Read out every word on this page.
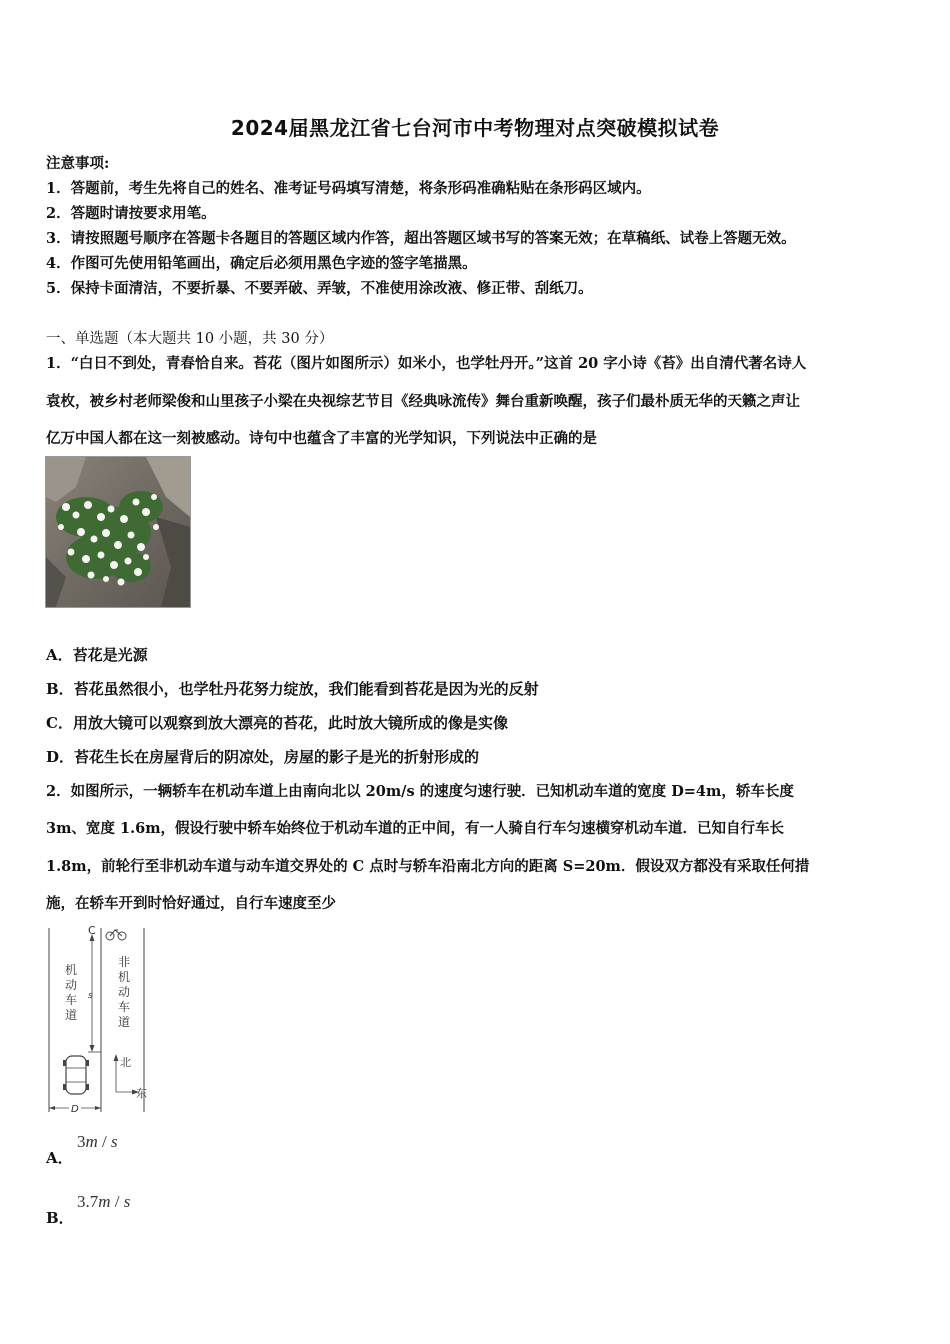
2024届黑龙江省七台河市中考物理对点突破模拟试卷
注意事项:
1．答题前，考生先将自己的姓名、准考证号码填写清楚，将条形码准确粘贴在条形码区域内。
2．答题时请按要求用笔。
3．请按照题号顺序在答题卡各题目的答题区域内作答，超出答题区域书写的答案无效；在草稿纸、试卷上答题无效。
4．作图可先使用铅笔画出，确定后必须用黑色字迹的签字笔描黑。
5．保持卡面清洁，不要折暴、不要弄破、弄皱，不准使用涂改液、修正带、刮纸刀。
一、单选题（本大题共 10 小题，共 30 分）
1．“白日不到处，青春恰自来。苔花（图片如图所示）如米小，也学牡丹开。”这首 20 字小诗《苔》出自清代著名诗人
袁枚，被乡村老师梁俊和山里孩子小梁在央视综艺节目《经典咏流传》舞台重新唤醒，孩子们最朴质无华的天籁之声让
亿万中国人都在这一刻被感动。诗句中也蕴含了丰富的光学知识，下列说法中正确的是
A．苔花是光源
B．苔花虽然很小，也学牡丹花努力绽放，我们能看到苔花是因为光的反射
C．用放大镜可以观察到放大漂亮的苔花，此时放大镜所成的像是实像
D．苔花生长在房屋背后的阴凉处，房屋的影子是光的折射形成的
2．如图所示，一辆轿车在机动车道上由南向北以 20m/s 的速度匀速行驶．已知机动车道的宽度 D=4m，轿车长度
3m、宽度 1.6m，假设行驶中轿车始终位于机动车道的正中间，有一人骑自行车匀速横穿机动车道．已知自行车长
1.8m，前轮行至非机动车道与动车道交界处的 C 点时与轿车沿南北方向的距离 S=20m．假设双方都没有采取任何措
施，在轿车开到时恰好通过，自行车速度至少
C
s
D
机
动
车
道
非
机
动
车
道
北
东
A．
3m / s
B．
3.7m / s
